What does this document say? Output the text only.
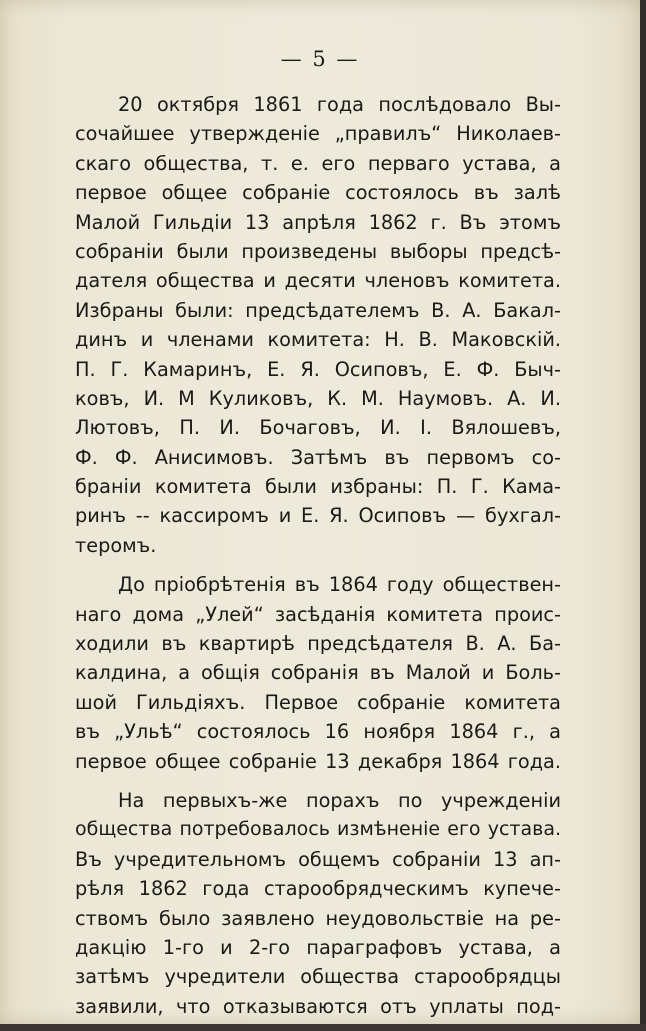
— 5 —
20 октября 1861 года послѣдовало Вы-
сочайшее утвержденіе „правилъ“ Николаев-
скаго общества, т. е. его перваго устава, а
первое общее собраніе состоялось въ залѣ
Малой Гильдіи 13 апрѣля 1862 г. Въ этомъ
собраніи были произведены выборы предсѣ-
дателя общества и десяти членовъ комитета.
Избраны были: предсѣдателемъ В. А. Бакал-
динъ и членами комитета: Н. В. Маковскій.
П. Г. Камаринъ, Е. Я. Осиповъ, Е. Ф. Быч-
ковъ, И. М Куликовъ, К. М. Наумовъ. А. И.
Лютовъ, П. И. Бочаговъ, И. І. Вялошевъ,
Ф. Ф. Анисимовъ. Затѣмъ въ первомъ со-
браніи комитета были избраны: П. Г. Камa-
ринъ -- кассиромъ и Е. Я. Осиповъ — бухгал-
теромъ.
До пріобрѣтенія въ 1864 году обществен-
наго дома „Улей“ засѣданія комитета проис-
ходили въ квартирѣ предсѣдателя В. А. Ба-
калдина, а общія собранія въ Малой и Боль-
шой Гильдіяхъ. Первое собраніе комитета
въ „Ульѣ“ состоялось 16 ноября 1864 г., а
первое общее собраніе 13 декабря 1864 года.
На первыхъ-же порахъ по учрежденіи
общества потребовалось измѣненіе его устава.
Въ учредительномъ общемъ собраніи 13 ап-
рѣля 1862 года старообрядческимъ купече-
ствомъ было заявлено неудовольствіе на ре-
дакцію 1-го и 2-го параграфовъ устава, а
затѣмъ учредители общества старообрядцы
заявили, что отказываются отъ уплаты под-
